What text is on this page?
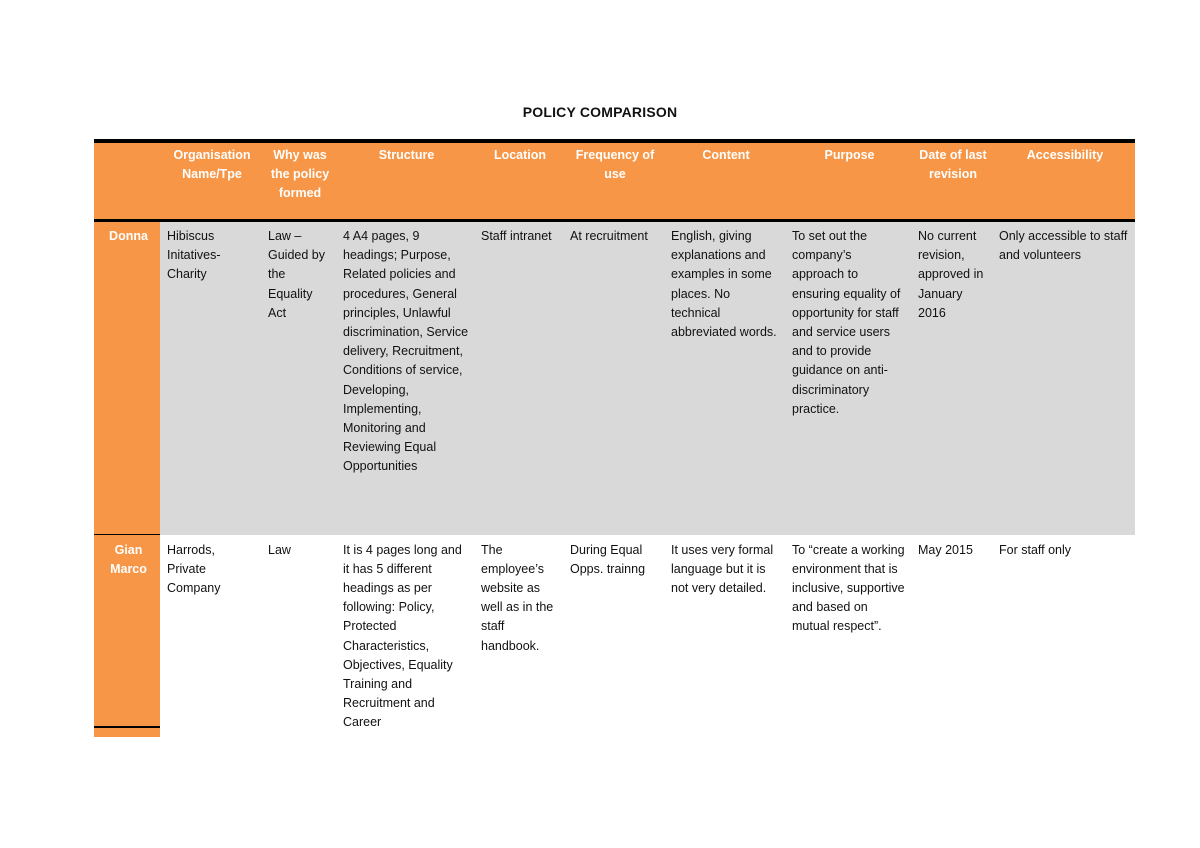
POLICY COMPARISON
	Organisation Name/Tpe	Why was the policy formed	Structure	Location	Frequency of use	Content	Purpose	Date of last revision	Accessibility
Donna	Hibiscus Initatives- Charity	Law – Guided by the Equality Act	4 A4 pages, 9 headings; Purpose, Related policies and procedures, General principles, Unlawful discrimination, Service delivery, Recruitment, Conditions of service, Developing, Implementing, Monitoring and Reviewing Equal Opportunities	Staff intranet	At recruitment	English, giving explanations and examples in some places. No technical abbreviated words.	To set out the company’s approach to ensuring equality of opportunity for staff and service users and to provide guidance on anti-discriminatory practice.	No current revision, approved in January 2016	Only accessible to staff and volunteers
Gian Marco	Harrods, Private Company	Law	It is 4 pages long and it has 5 different headings as per following: Policy, Protected Characteristics, Objectives, Equality Training and Recruitment and Career	The employee’s website as well as in the staff handbook.	During Equal Opps. trainng	It uses very formal language but it is not very detailed.	To “create a working environment that is inclusive, supportive and based on mutual respect”.	May 2015	For staff only
